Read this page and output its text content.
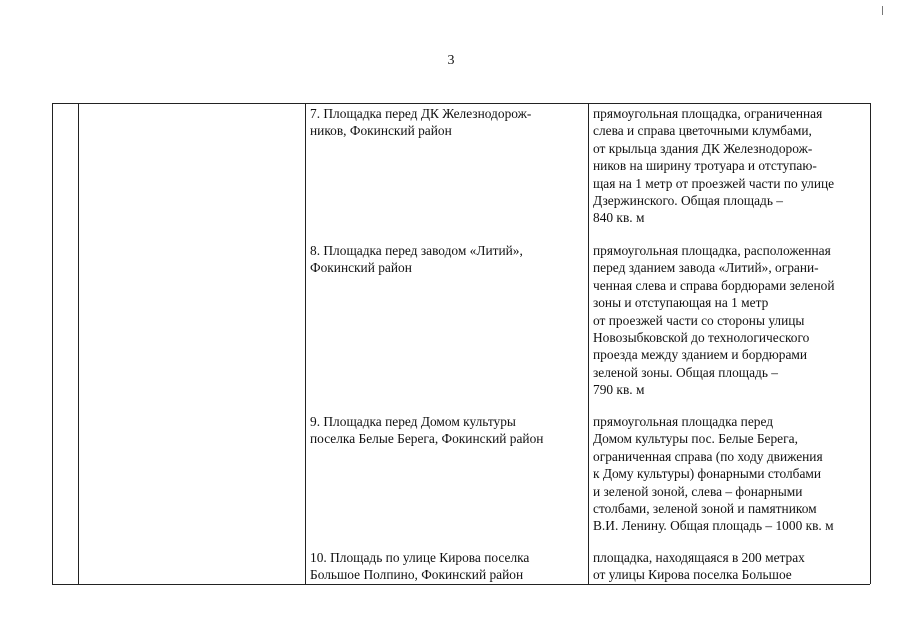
3
7. Площадка перед ДК Железнодорож-
ников, Фокинский район
прямоугольная площадка, ограниченная
слева и справа цветочными клумбами,
от крыльца здания ДК Железнодорож-
ников на ширину тротуара и отступаю-
щая на 1 метр от проезжей части по улице
Дзержинского. Общая площадь –
840 кв. м
8. Площадка перед заводом «Литий»,
Фокинский район
прямоугольная площадка, расположенная
перед зданием завода «Литий», ограни-
ченная слева и справа бордюрами зеленой
зоны и отступающая на 1 метр
от проезжей части со стороны улицы
Новозыбковской до технологического
проезда между зданием и бордюрами
зеленой зоны. Общая площадь –
790 кв. м
9. Площадка перед Домом культуры
поселка Белые Берега, Фокинский район
прямоугольная площадка перед
Домом культуры пос. Белые Берега,
ограниченная справа (по ходу движения
к Дому культуры) фонарными столбами
и зеленой зоной, слева – фонарными
столбами, зеленой зоной и памятником
В.И. Ленину. Общая площадь – 1000 кв. м
10. Площадь по улице Кирова поселка
Большое Полпино, Фокинский район
площадка, находящаяся в 200 метрах
от улицы Кирова поселка Большое
